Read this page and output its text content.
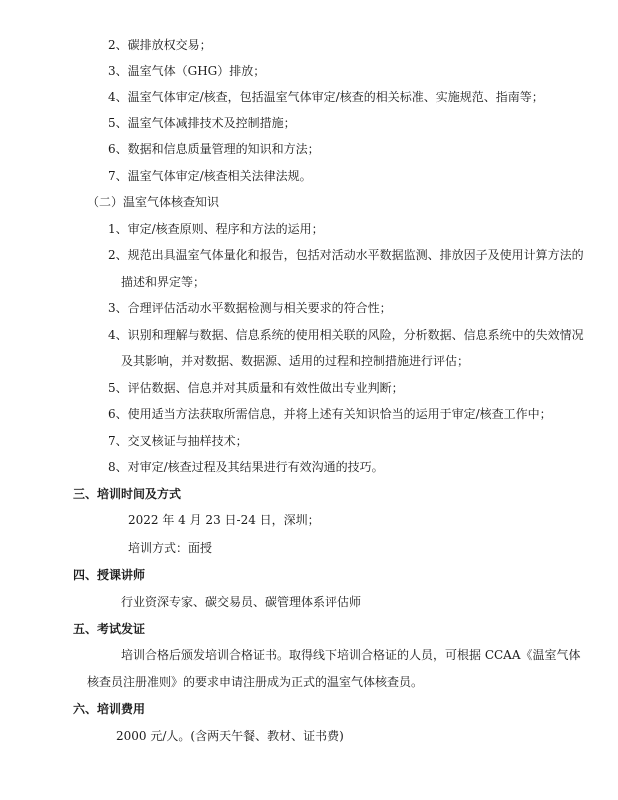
2、碳排放权交易；
3、温室气体（GHG）排放；
4、温室气体审定/核查，包括温室气体审定/核查的相关标准、实施规范、指南等；
5、温室气体减排技术及控制措施；
6、数据和信息质量管理的知识和方法；
7、温室气体审定/核查相关法律法规。
（二）温室气体核查知识
1、审定/核查原则、程序和方法的运用；
2、规范出具温室气体量化和报告，包括对活动水平数据监测、排放因子及使用计算方法的
描述和界定等；
3、合理评估活动水平数据检测与相关要求的符合性；
4、识别和理解与数据、信息系统的使用相关联的风险，分析数据、信息系统中的失效情况
及其影响，并对数据、数据源、适用的过程和控制措施进行评估；
5、评估数据、信息并对其质量和有效性做出专业判断；
6、使用适当方法获取所需信息，并将上述有关知识恰当的运用于审定/核查工作中；
7、交叉核证与抽样技术；
8、对审定/核查过程及其结果进行有效沟通的技巧。
三、培训时间及方式
2022 年 4 月 23 日-24 日，深圳；
培训方式：面授
四、授课讲师
行业资深专家、碳交易员、碳管理体系评估师
五、考试发证
培训合格后颁发培训合格证书。取得线下培训合格证的人员，可根据 CCAA《温室气体
核查员注册准则》的要求申请注册成为正式的温室气体核查员。
六、培训费用
2000 元/人。(含两天午餐、教材、证书费)
